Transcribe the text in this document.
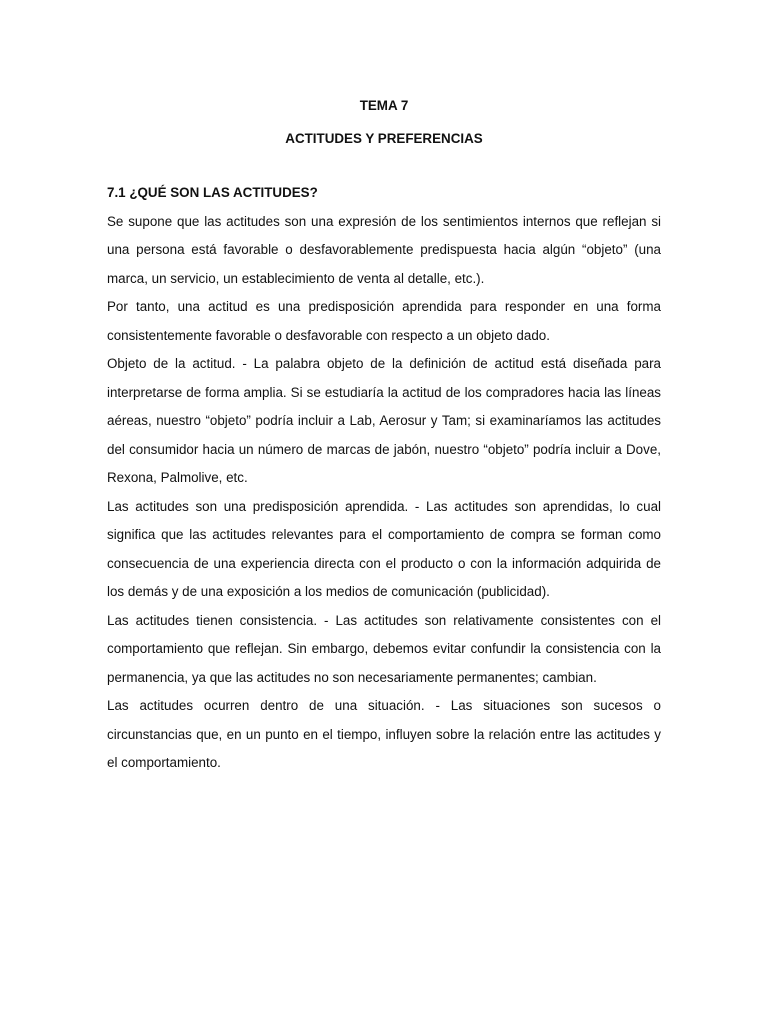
TEMA 7
ACTITUDES Y PREFERENCIAS
7.1 ¿QUÉ SON LAS ACTITUDES?

Se supone que las actitudes son una expresión de los sentimientos internos que reflejan si una persona está favorable o desfavorablemente predispuesta hacia algún “objeto” (una marca, un servicio, un establecimiento de venta al detalle, etc.).

Por tanto, una actitud es una predisposición aprendida para responder en una forma consistentemente favorable o desfavorable con respecto a un objeto dado.

Objeto de la actitud. - La palabra objeto de la definición de actitud está diseñada para interpretarse de forma amplia. Si se estudiaría la actitud de los compradores hacia las líneas aéreas, nuestro “objeto” podría incluir a Lab, Aerosur y Tam; si examinaríamos las actitudes del consumidor hacia un número de marcas de jabón, nuestro “objeto” podría incluir a Dove, Rexona, Palmolive, etc.

Las actitudes son una predisposición aprendida. - Las actitudes son aprendidas, lo cual significa que las actitudes relevantes para el comportamiento de compra se forman como consecuencia de una experiencia directa con el producto o con la información adquirida de los demás y de una exposición a los medios de comunicación (publicidad).

Las actitudes tienen consistencia. - Las actitudes son relativamente consistentes con el comportamiento que reflejan. Sin embargo, debemos evitar confundir la consistencia con la permanencia, ya que las actitudes no son necesariamente permanentes; cambian.

Las actitudes ocurren dentro de una situación. - Las situaciones son sucesos o circunstancias que, en un punto en el tiempo, influyen sobre la relación entre las actitudes y el comportamiento.
